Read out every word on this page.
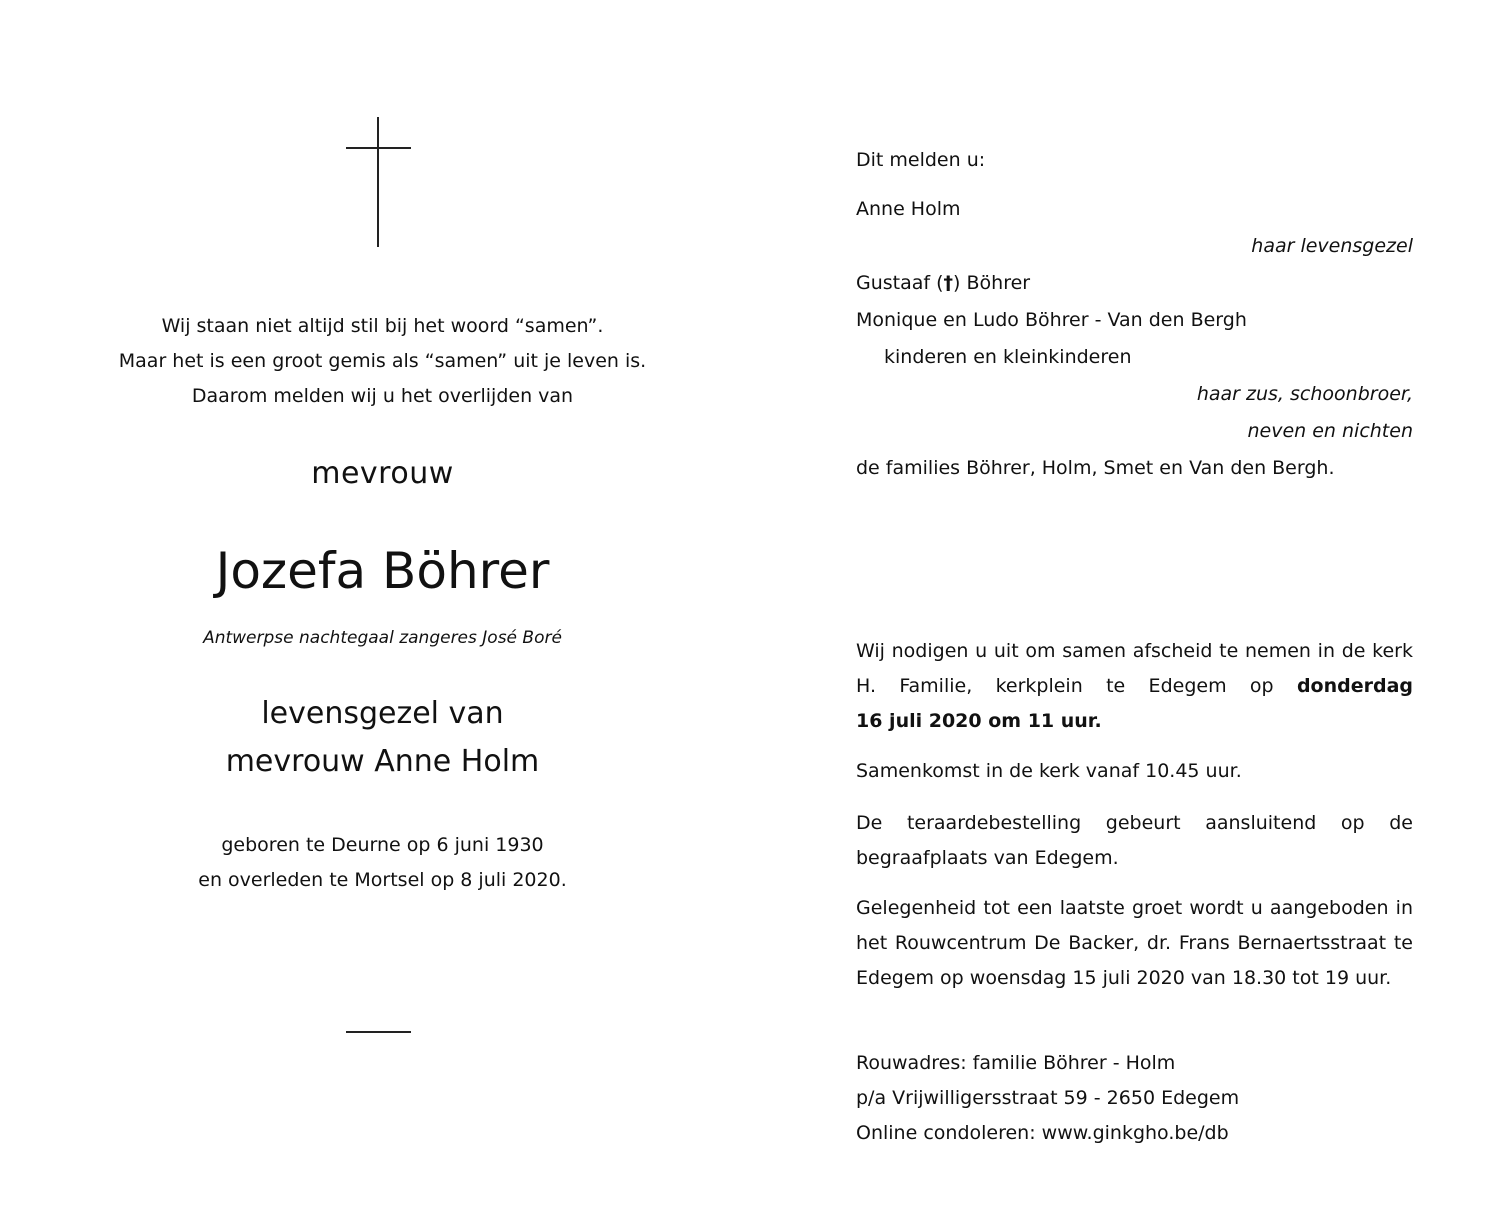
Wij staan niet altijd stil bij het woord “samen”.
Maar het is een groot gemis als “samen” uit je leven is.
Daarom melden wij u het overlijden van
mevrouw
Jozefa Böhrer
Antwerpse nachtegaal zangeres José Boré
levensgezel van
mevrouw Anne Holm
geboren te Deurne op 6 juni 1930
en overleden te Mortsel op 8 juli 2020.
Dit melden u:
Anne Holm
haar levensgezel
Gustaaf (†) Böhrer
Monique en Ludo Böhrer - Van den Bergh
kinderen en kleinkinderen
haar zus, schoonbroer,
neven en nichten
de families Böhrer, Holm, Smet en Van den Bergh.
Wij nodigen u uit om samen afscheid te nemen in de kerk H. Familie, kerkplein te Edegem op donderdag 16 juli 2020 om 11 uur.
Samenkomst in de kerk vanaf 10.45 uur.
De teraardebestelling gebeurt aansluitend op de begraafplaats van Edegem.
Gelegenheid tot een laatste groet wordt u aangeboden in het Rouwcentrum De Backer, dr. Frans Bernaertsstraat te Edegem op woensdag 15 juli 2020 van 18.30 tot 19 uur.
Rouwadres: familie Böhrer - Holm
p/a Vrijwilligersstraat 59 - 2650 Edegem
Online condoleren: www.ginkgho.be/db
